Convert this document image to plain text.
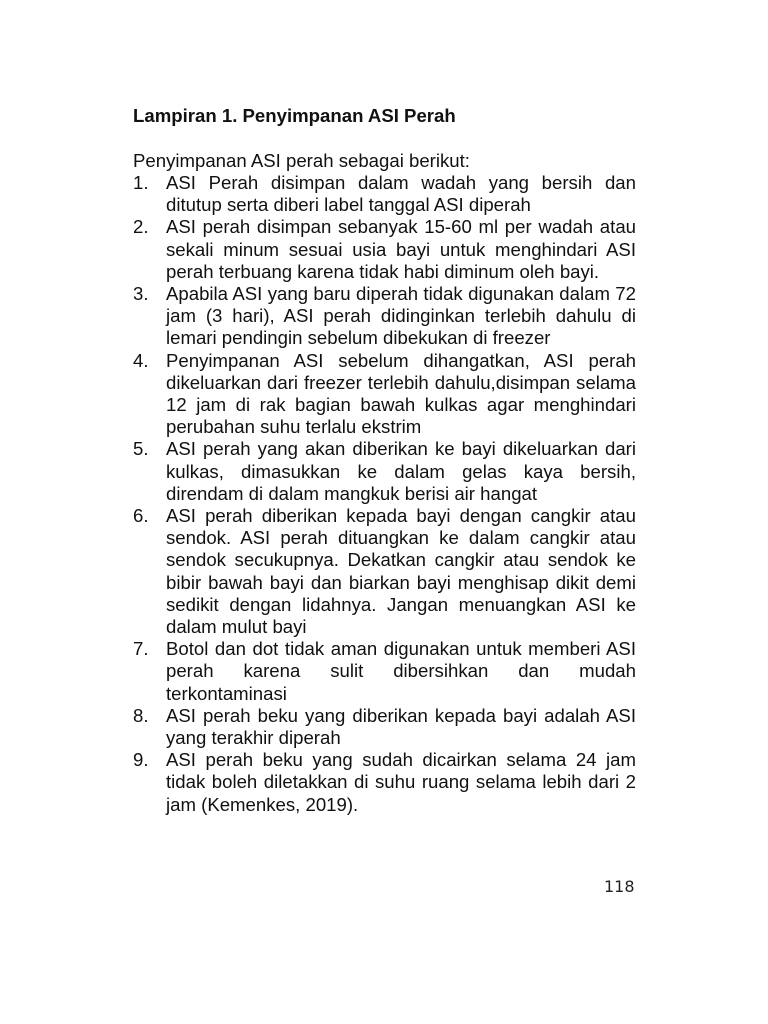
Lampiran 1. Penyimpanan ASI Perah

Penyimpanan ASI perah sebagai berikut:

1. ASI Perah disimpan dalam wadah yang bersih dan ditutup serta diberi label tanggal ASI diperah
2. ASI perah disimpan sebanyak 15-60 ml per wadah atau sekali minum sesuai usia bayi untuk menghindari ASI perah terbuang karena tidak habi diminum oleh bayi.
3. Apabila ASI yang baru diperah tidak digunakan dalam 72 jam (3 hari), ASI perah didinginkan terlebih dahulu di lemari pendingin sebelum dibekukan di freezer
4. Penyimpanan ASI sebelum dihangatkan, ASI perah dikeluarkan dari freezer terlebih dahulu,disimpan selama 12 jam di rak bagian bawah kulkas agar menghindari perubahan suhu terlalu ekstrim
5. ASI perah yang akan diberikan ke bayi dikeluarkan dari kulkas, dimasukkan ke dalam gelas kaya bersih, direndam di dalam mangkuk berisi air hangat
6. ASI perah diberikan kepada bayi dengan cangkir atau sendok. ASI perah dituangkan ke dalam cangkir atau sendok secukupnya. Dekatkan cangkir atau sendok ke bibir bawah bayi dan biarkan bayi menghisap dikit demi sedikit dengan lidahnya. Jangan menuangkan ASI ke dalam mulut bayi
7. Botol dan dot tidak aman digunakan untuk memberi ASI perah karena sulit dibersihkan dan mudah terkontaminasi
8. ASI perah beku yang diberikan kepada bayi adalah ASI yang terakhir diperah
9. ASI perah beku yang sudah dicairkan selama 24 jam tidak boleh diletakkan di suhu ruang selama lebih dari 2 jam (Kemenkes, 2019).
118
